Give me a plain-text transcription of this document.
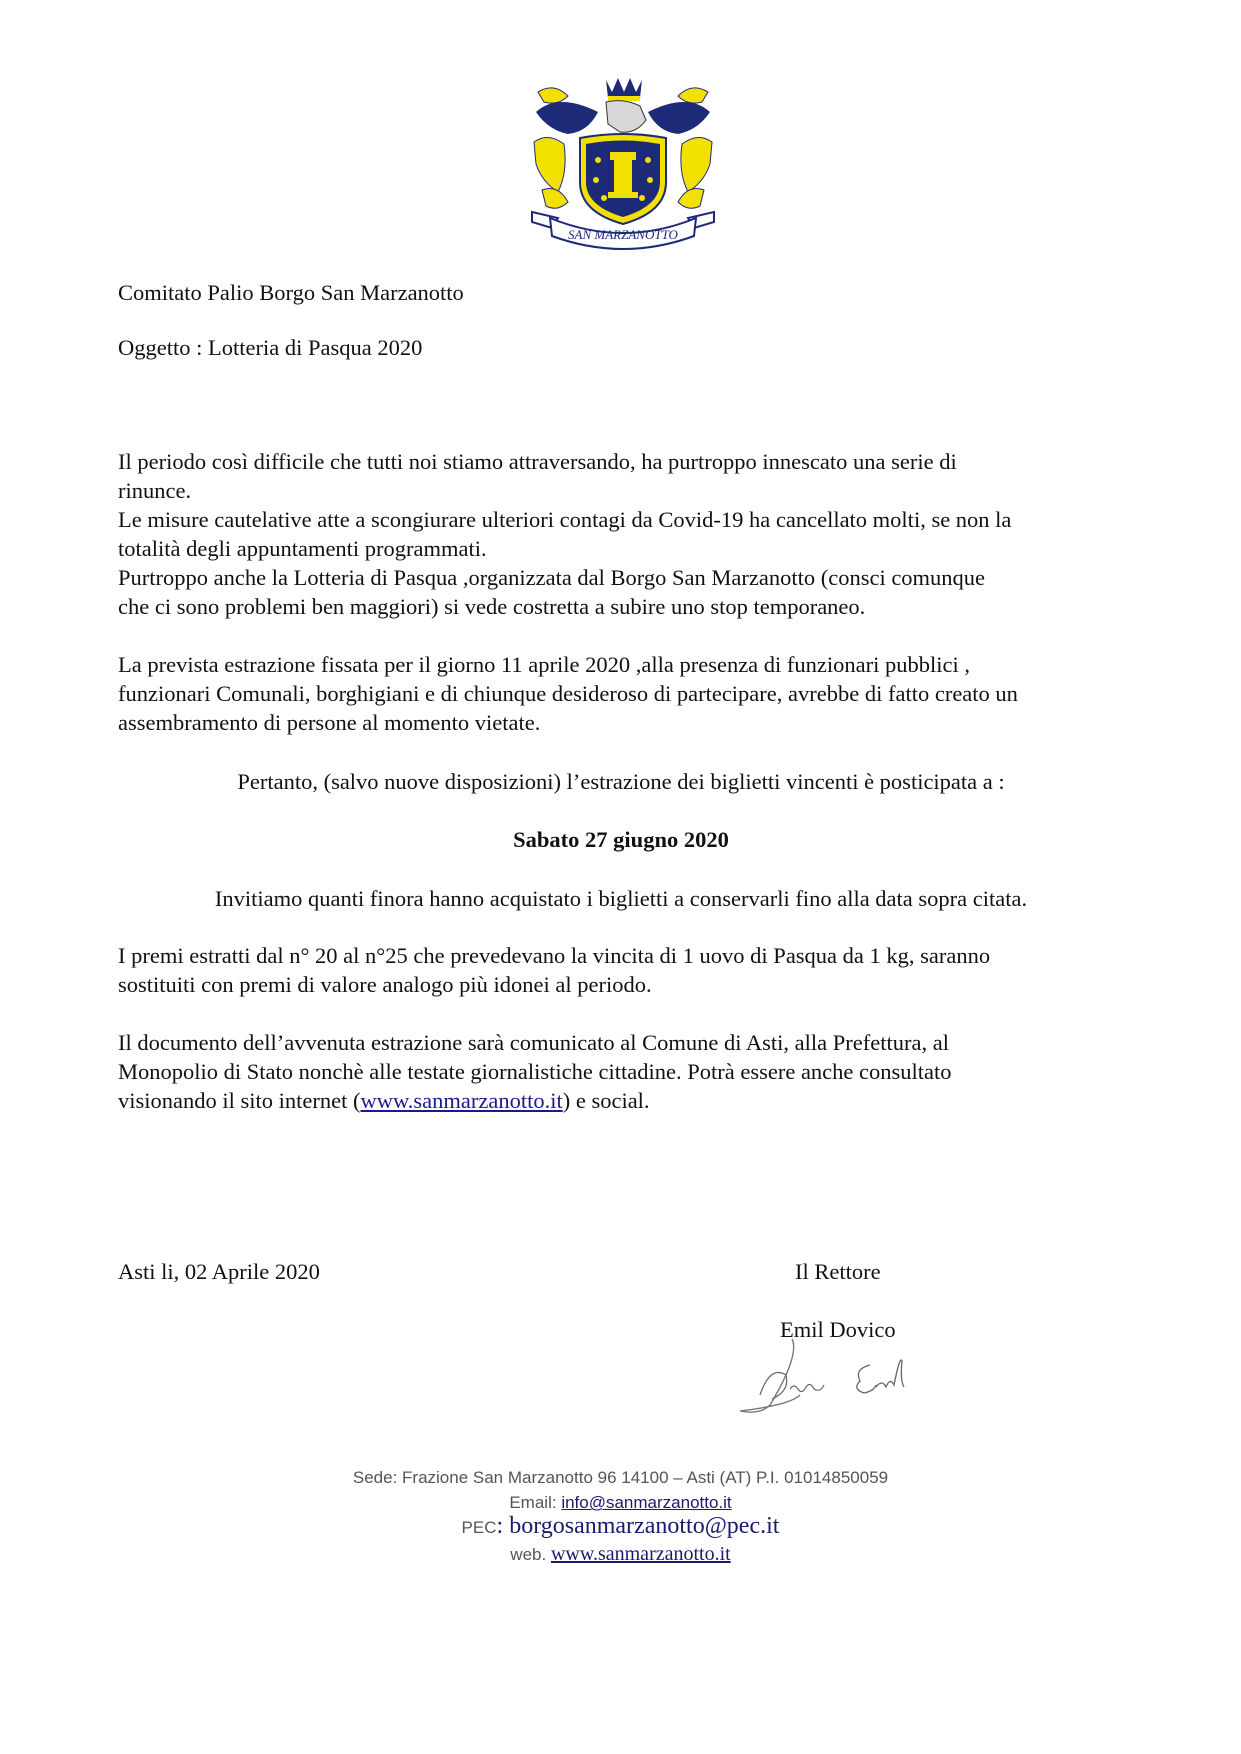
SAN MARZANOTTO
Comitato Palio Borgo San Marzanotto
Oggetto : Lotteria di Pasqua 2020
Il periodo così difficile che tutti noi stiamo attraversando, ha purtroppo innescato una serie di
rinunce.
Le misure cautelative atte a scongiurare ulteriori contagi da Covid-19 ha cancellato molti, se non la
totalità degli appuntamenti programmati.
Purtroppo anche la Lotteria di Pasqua ,organizzata dal Borgo San Marzanotto (consci comunque
che ci sono problemi ben maggiori) si vede costretta a subire uno stop temporaneo.
La prevista estrazione fissata per il giorno 11 aprile 2020 ,alla presenza di funzionari pubblici ,
funzionari Comunali, borghigiani e di chiunque desideroso di partecipare, avrebbe di fatto creato un
assembramento di persone al momento vietate.
Pertanto, (salvo nuove disposizioni) l’estrazione dei biglietti vincenti è posticipata a :
Sabato 27 giugno 2020
Invitiamo quanti finora hanno acquistato i biglietti a conservarli fino alla data sopra citata.
I premi estratti dal n° 20 al n°25 che prevedevano la vincita di 1 uovo di Pasqua da 1 kg, saranno
sostituiti con premi di valore analogo più idonei al periodo.
Il documento dell’avvenuta estrazione sarà comunicato al Comune di Asti, alla Prefettura, al
Monopolio di Stato nonchè alle testate giornalistiche cittadine. Potrà essere anche consultato
visionando il sito internet (www.sanmarzanotto.it) e social.
Asti li, 02 Aprile 2020	Il Rettore
Emil Dovico
Sede: Frazione San Marzanotto 96 14100 – Asti (AT) P.I. 01014850059
Email: info@sanmarzanotto.it
PEC: borgosanmarzanotto@pec.it
web. www.sanmarzanotto.it
